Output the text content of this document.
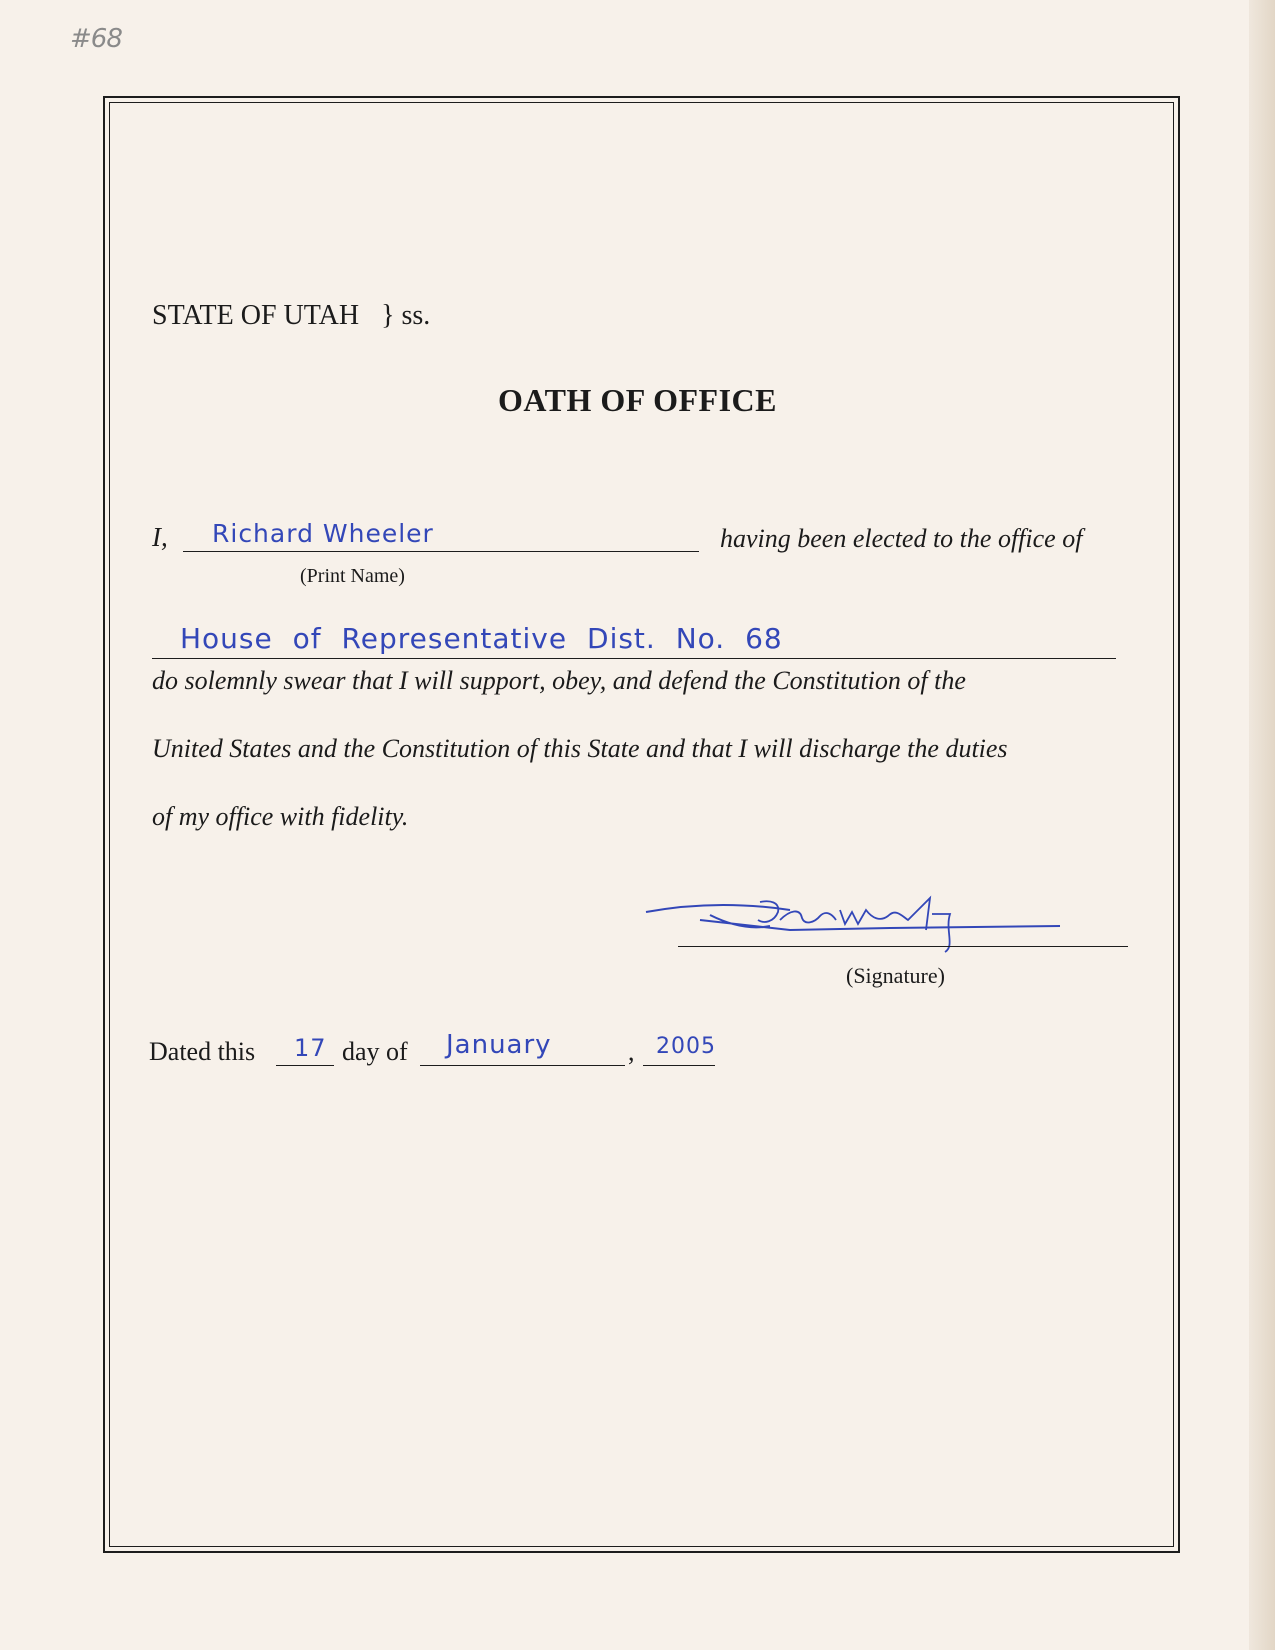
#68
STATE OF UTAH } ss.
OATH OF OFFICE
I, Richard Wheeler	having been elected to the office of
(Print Name)
House of Representative Dist. No. 68
do solemnly swear that I will support, obey, and defend the Constitution of the
United States and the Constitution of this State and that I will discharge the duties
of my office with fidelity.
(Signature)
Dated this 17 day of January	, 2005
